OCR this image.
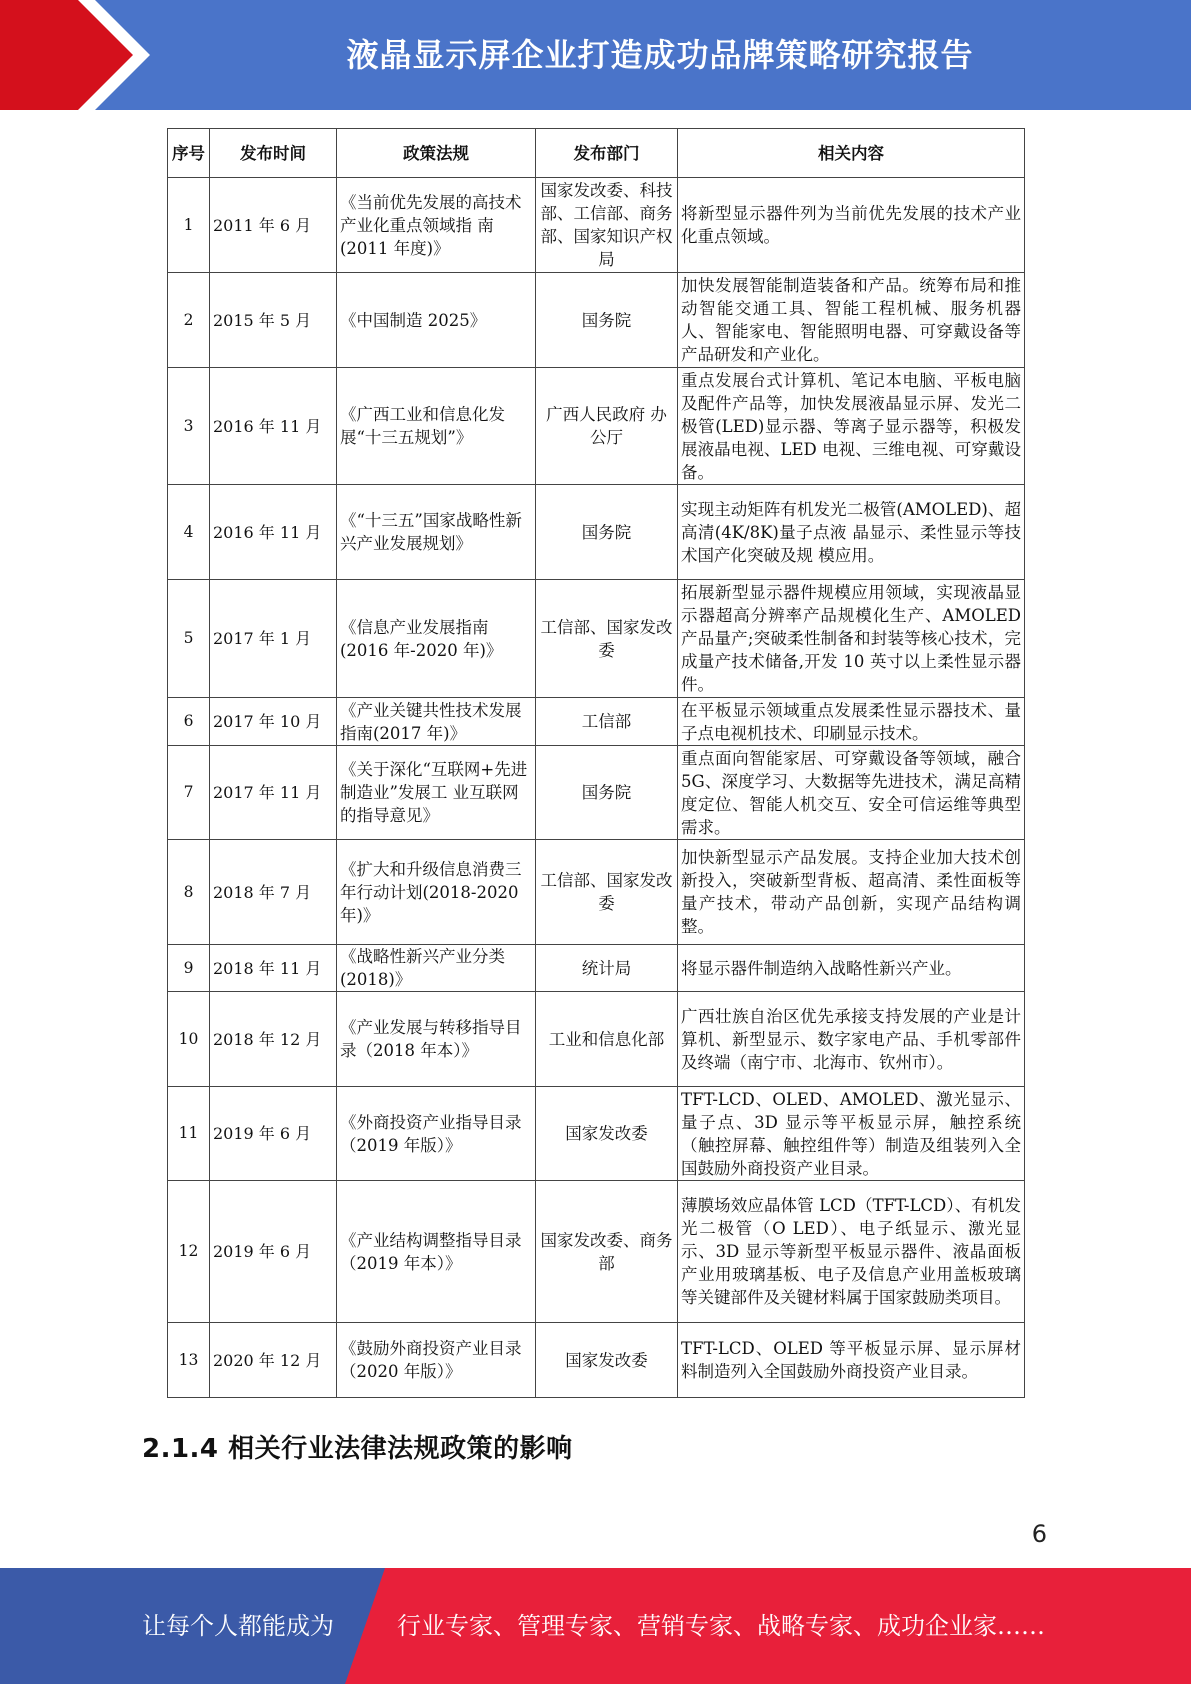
液晶显示屏企业打造成功品牌策略研究报告
序号	发布时间	政策法规	发布部门	相关内容
1	2011 年 6 月	《当前优先发展的高技术产业化重点领域指 南(2011 年度)》	国家发改委、科技部、工信部、商务部、国家知识产权局	将新型显示器件列为当前优先发展的技术产业化重点领域。
2	2015 年 5 月	《中国制造 2025》	国务院	加快发展智能制造装备和产品。统筹布局和推动智能交通工具、智能工程机械、服务机器人、智能家电、智能照明电器、可穿戴设备等产品研发和产业化。
3	2016 年 11 月	《广西工业和信息化发展“十三五规划”》	广西人民政府 办公厅	重点发展台式计算机、笔记本电脑、平板电脑及配件产品等，加快发展液晶显示屏、发光二极管(LED)显示器、等离子显示器等，积极发展液晶电视、LED 电视、三维电视、可穿戴设备。
4	2016 年 11 月	《“十三五”国家战略性新兴产业发展规划》	国务院	实现主动矩阵有机发光二极管(AMOLED)、超高清(4K/8K)量子点液 晶显示、柔性显示等技术国产化突破及规 模应用。
5	2017 年 1 月	《信息产业发展指南(2016 年-2020 年)》	工信部、国家发改委	拓展新型显示器件规模应用领域，实现液晶显示器超高分辨率产品规模化生产、AMOLED 产品量产;突破柔性制备和封装等核心技术，完成量产技术储备,开发 10 英寸以上柔性显示器件。
6	2017 年 10 月	《产业关键共性技术发展指南(2017 年)》	工信部	在平板显示领域重点发展柔性显示器技术、量子点电视机技术、印刷显示技术。
7	2017 年 11 月	《关于深化“互联网+先进制造业”发展工 业互联网的指导意见》	国务院	重点面向智能家居、可穿戴设备等领域，融合 5G、深度学习、大数据等先进技术，满足高精度定位、智能人机交互、安全可信运维等典型需求。
8	2018 年 7 月	《扩大和升级信息消费三年行动计划(2018-2020 年)》	工信部、国家发改委	加快新型显示产品发展。支持企业加大技术创新投入，突破新型背板、超高清、柔性面板等量产技术，带动产品创新，实现产品结构调整。
9	2018 年 11 月	《战略性新兴产业分类(2018)》	统计局	将显示器件制造纳入战略性新兴产业。
10	2018 年 12 月	《产业发展与转移指导目录（2018 年本）》	工业和信息化部	广西壮族自治区优先承接支持发展的产业是计算机、新型显示、数字家电产品、手机零部件及终端（南宁市、北海市、钦州市）。
11	2019 年 6 月	《外商投资产业指导目录（2019 年版）》	国家发改委	TFT-LCD、OLED、AMOLED、激光显示、量子点、3D 显示等平板显示屏，触控系统（触控屏幕、触控组件等）制造及组装列入全国鼓励外商投资产业目录。
12	2019 年 6 月	《产业结构调整指导目录（2019 年本）》	国家发改委、商务部	薄膜场效应晶体管 LCD（TFT-LCD）、有机发光二极管（O LED）、电子纸显示、激光显示、3D 显示等新型平板显示器件、液晶面板产业用玻璃基板、电子及信息产业用盖板玻璃等关键部件及关键材料属于国家鼓励类项目。
13	2020 年 12 月	《鼓励外商投资产业目录（2020 年版）》	国家发改委	TFT-LCD、OLED 等平板显示屏、显示屏材料制造列入全国鼓励外商投资产业目录。
2.1.4 相关行业法律法规政策的影响
6
让每个人都能成为	行业专家、管理专家、营销专家、战略专家、成功企业家……
